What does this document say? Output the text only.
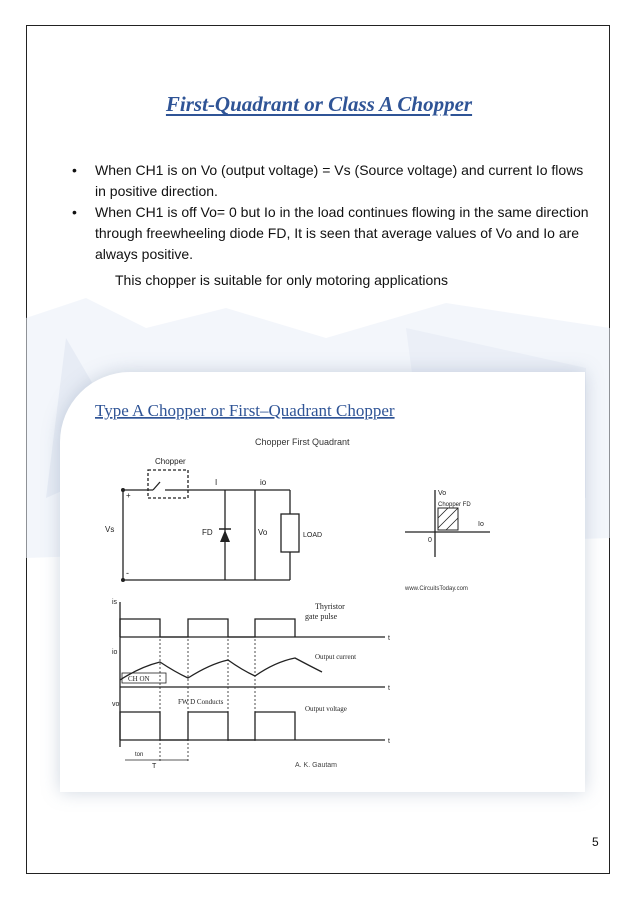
First-Quadrant or Class A Chopper
• When CH1 is on Vo (output voltage) = Vs (Source voltage) and current Io flows in positive direction.
• When CH1 is off Vo= 0 but Io in the load continues flowing in the same direction through freewheeling diode FD, It is seen that average values of Vo and Io are always positive.
This chopper is suitable for only motoring applications
Type A Chopper or First–Quadrant Chopper
Chopper First Quadrant
Chopper
I	io
Vs	FD	Vo	LOAD
+
-
Vo
Io
Chopper FD
0
www.CircuitsToday.com
is
io
vo
t
t
t
Thyristor
gate pulse
Output current
CH ON
FW D Conducts
Output voltage
ton
T	A. K. Gautam
5
